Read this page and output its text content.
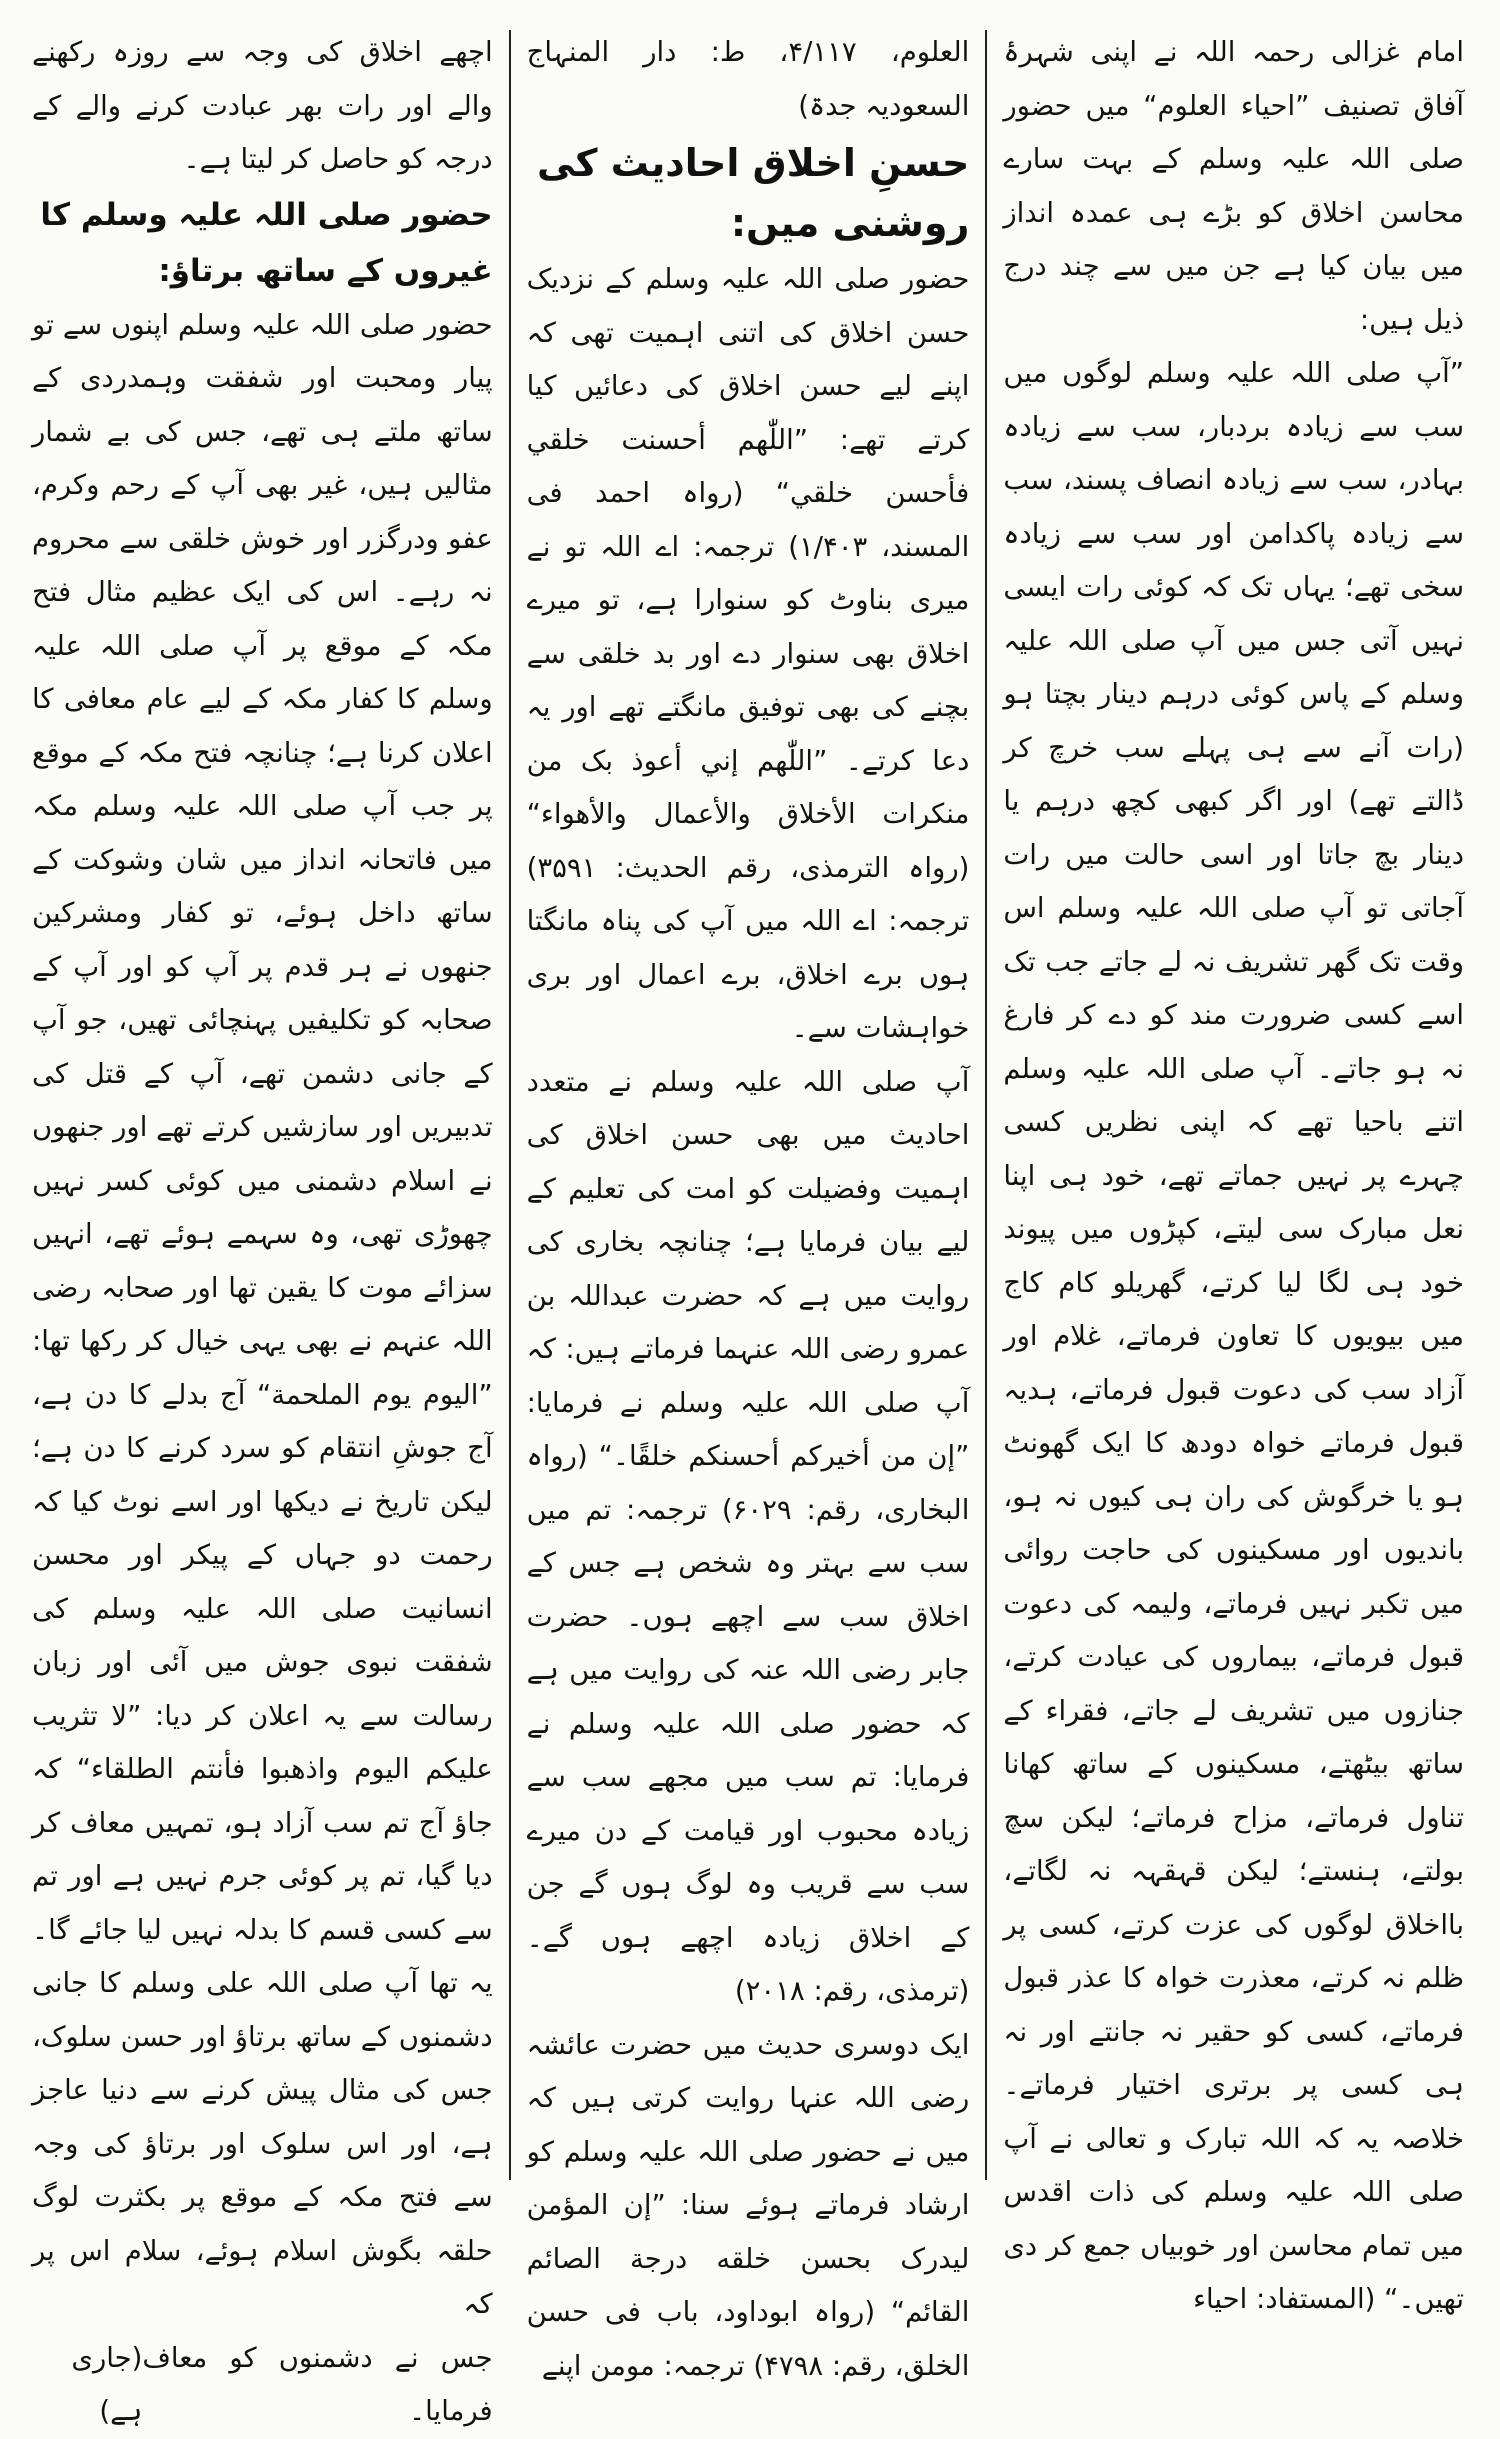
امام غزالی رحمہ اللہ نے اپنی شہرۂ آفاق تصنیف ”احیاء العلوم“ میں حضور صلی اللہ علیہ وسلم کے بہت سارے محاسن اخلاق کو بڑے ہی عمدہ انداز میں بیان کیا ہے جن میں سے چند درج ذیل ہیں:

”آپ صلی اللہ علیہ وسلم لوگوں میں سب سے زیادہ بردبار، سب سے زیادہ بہادر، سب سے زیادہ انصاف پسند، سب سے زیادہ پاکدامن اور سب سے زیادہ سخی تھے؛ یہاں تک کہ کوئی رات ایسی نہیں آتی جس میں آپ صلی اللہ علیہ وسلم کے پاس کوئی درہم دینار بچتا ہو (رات آنے سے ہی پہلے سب خرچ کر ڈالتے تھے) اور اگر کبھی کچھ درہم یا دینار بچ جاتا اور اسی حالت میں رات آجاتی تو آپ صلی اللہ علیہ وسلم اس وقت تک گھر تشریف نہ لے جاتے جب تک اسے کسی ضرورت مند کو دے کر فارغ نہ ہو جاتے۔ آپ صلی اللہ علیہ وسلم اتنے باحیا تھے کہ اپنی نظریں کسی چہرے پر نہیں جماتے تھے، خود ہی اپنا نعل مبارک سی لیتے، کپڑوں میں پیوند خود ہی لگا لیا کرتے، گھریلو کام کاج میں بیویوں کا تعاون فرماتے، غلام اور آزاد سب کی دعوت قبول فرماتے، ہدیہ قبول فرماتے خواہ دودھ کا ایک گھونٹ ہو یا خرگوش کی ران ہی کیوں نہ ہو، باندیوں اور مسکینوں کی حاجت روائی میں تکبر نہیں فرماتے، ولیمہ کی دعوت قبول فرماتے، بیماروں کی عیادت کرتے، جنازوں میں تشریف لے جاتے، فقراء کے ساتھ بیٹھتے، مسکینوں کے ساتھ کھانا تناول فرماتے، مزاح فرماتے؛ لیکن سچ بولتے، ہنستے؛ لیکن قہقہہ نہ لگاتے، بااخلاق لوگوں کی عزت کرتے، کسی پر ظلم نہ کرتے، معذرت خواہ کا عذر قبول فرماتے، کسی کو حقیر نہ جانتے اور نہ ہی کسی پر برتری اختیار فرماتے۔ خلاصہ یہ کہ اللہ تبارک و تعالی نے آپ صلی اللہ علیہ وسلم کی ذات اقدس میں تمام محاسن اور خوبیاں جمع کر دی تھیں۔“ (المستفاد: احیاء

العلوم، ۴/۱۱۷، ط: دار المنہاج السعودیہ جدۃ)

حسنِ اخلاق احادیث کی روشنی میں:

حضور صلی اللہ علیہ وسلم کے نزدیک حسن اخلاق کی اتنی اہمیت تھی کہ اپنے لیے حسن اخلاق کی دعائیں کیا کرتے تھے: ”اللّٰھم أحسنت خلقي فأحسن خلقي“ (رواہ احمد فی المسند، ۱/۴۰۳) ترجمہ: اے اللہ تو نے میری بناوٹ کو سنوارا ہے، تو میرے اخلاق بھی سنوار دے اور بد خلقی سے بچنے کی بھی توفیق مانگتے تھے اور یہ دعا کرتے۔ ”اللّٰھم إني أعوذ بک من منکرات الأخلاق والأعمال والأھواء“ (رواہ الترمذی، رقم الحدیث: ۳۵۹۱) ترجمہ: اے اللہ میں آپ کی پناہ مانگتا ہوں برے اخلاق، برے اعمال اور بری خواہشات سے۔

آپ صلی اللہ علیہ وسلم نے متعدد احادیث میں بھی حسن اخلاق کی اہمیت وفضیلت کو امت کی تعلیم کے لیے بیان فرمایا ہے؛ چنانچہ بخاری کی روایت میں ہے کہ حضرت عبداللہ بن عمرو رضی اللہ عنہما فرماتے ہیں: کہ آپ صلی اللہ علیہ وسلم نے فرمایا: ”إن من أخیرکم أحسنکم خلقًا۔“ (رواہ البخاری، رقم: ۶۰۲۹) ترجمہ: تم میں سب سے بہتر وہ شخص ہے جس کے اخلاق سب سے اچھے ہوں۔ حضرت جابر رضی اللہ عنہ کی روایت میں ہے کہ حضور صلی اللہ علیہ وسلم نے فرمایا: تم سب میں مجھے سب سے زیادہ محبوب اور قیامت کے دن میرے سب سے قریب وہ لوگ ہوں گے جن کے اخلاق زیادہ اچھے ہوں گے۔ (ترمذی، رقم: ۲۰۱۸)

ایک دوسری حدیث میں حضرت عائشہ رضی اللہ عنہا روایت کرتی ہیں کہ میں نے حضور صلی اللہ علیہ وسلم کو ارشاد فرماتے ہوئے سنا: ”إن المؤمن لیدرک بحسن خلقه درجة الصائم القائم“ (رواہ ابوداود، باب فی حسن الخلق، رقم: ۴۷۹۸) ترجمہ: مومن اپنے

اچھے اخلاق کی وجہ سے روزہ رکھنے والے اور رات بھر عبادت کرنے والے کے درجہ کو حاصل کر لیتا ہے۔

حضور صلی اللہ علیہ وسلم کا غیروں کے ساتھ برتاؤ:

حضور صلی اللہ علیہ وسلم اپنوں سے تو پیار ومحبت اور شفقت وہمدردی کے ساتھ ملتے ہی تھے، جس کی بے شمار مثالیں ہیں، غیر بھی آپ کے رحم وکرم، عفو ودرگزر اور خوش خلقی سے محروم نہ رہے۔ اس کی ایک عظیم مثال فتح مکہ کے موقع پر آپ صلی اللہ علیہ وسلم کا کفار مکہ کے لیے عام معافی کا اعلان کرنا ہے؛ چنانچہ فتح مکہ کے موقع پر جب آپ صلی اللہ علیہ وسلم مکہ میں فاتحانہ انداز میں شان وشوکت کے ساتھ داخل ہوئے، تو کفار ومشرکین جنھوں نے ہر قدم پر آپ کو اور آپ کے صحابہ کو تکلیفیں پہنچائی تھیں، جو آپ کے جانی دشمن تھے، آپ کے قتل کی تدبیریں اور سازشیں کرتے تھے اور جنھوں نے اسلام دشمنی میں کوئی کسر نہیں چھوڑی تھی، وہ سہمے ہوئے تھے، انہیں سزائے موت کا یقین تھا اور صحابہ رضی اللہ عنہم نے بھی یہی خیال کر رکھا تھا: ”الیوم یوم الملحمة“ آج بدلے کا دن ہے، آج جوشِ انتقام کو سرد کرنے کا دن ہے؛ لیکن تاریخ نے دیکھا اور اسے نوٹ کیا کہ رحمت دو جہاں کے پیکر اور محسن انسانیت صلی اللہ علیہ وسلم کی شفقت نبوی جوش میں آئی اور زبان رسالت سے یہ اعلان کر دیا: ”لا تثریب علیکم الیوم واذھبوا فأنتم الطلقاء“ کہ جاؤ آج تم سب آزاد ہو، تمہیں معاف کر دیا گیا، تم پر کوئی جرم نہیں ہے اور تم سے کسی قسم کا بدلہ نہیں لیا جائے گا۔ یہ تھا آپ صلی اللہ علی وسلم کا جانی دشمنوں کے ساتھ برتاؤ اور حسن سلوک، جس کی مثال پیش کرنے سے دنیا عاجز ہے، اور اس سلوک اور برتاؤ کی وجہ سے فتح مکہ کے موقع پر بکثرت لوگ حلقہ بگوش اسلام ہوئے، سلام اس پر کہ

جس نے دشمنوں کو معاف فرمایا۔
(جاری ہے)
